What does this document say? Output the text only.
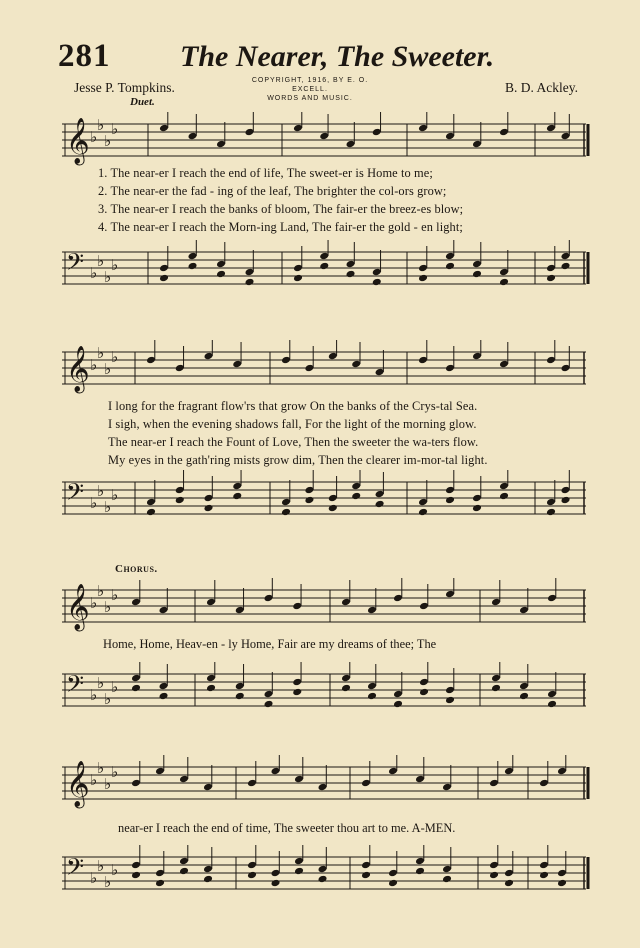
281 The Nearer, The Sweeter.
Jesse P. Tompkins.	COPYRIGHT, 1916, BY E. O. EXCELL.
WORDS AND MUSIC.
B. D. Ackley.
Duet.
𝄞 ♭
♭
♭
♭
1. The near-er I reach the end of life, The sweet-er is Home to me;
2. The near-er the fad - ing of the leaf, The brighter the col-ors grow;
3. The near-er I reach the banks of bloom, The fair-er the breez-es blow;
4. The near-er I reach the Morn-ing Land, The fair-er the gold - en light;
𝄢 ♭
♭
♭
♭
𝄞 ♭
♭
♭
♭
I long for the fragrant flow'rs that grow On the banks of the Crys-tal Sea.
I sigh, when the evening shadows fall, For the light of the morning glow.
The near-er I reach the Fount of Love, Then the sweeter the wa-ters flow.
My eyes in the gath'ring mists grow dim, Then the clearer im-mor-tal light.
𝄢 ♭
♭
♭
♭
Chorus.
𝄞 ♭
♭
♭
♭
Home, Home, Heav-en - ly Home, Fair are my dreams of thee; The
𝄢 ♭
♭
♭
♭
𝄞 ♭
♭
♭
♭
near-er I reach the end of time, The sweeter thou art to me. A-MEN.
𝄢 ♭
♭
♭
♭
